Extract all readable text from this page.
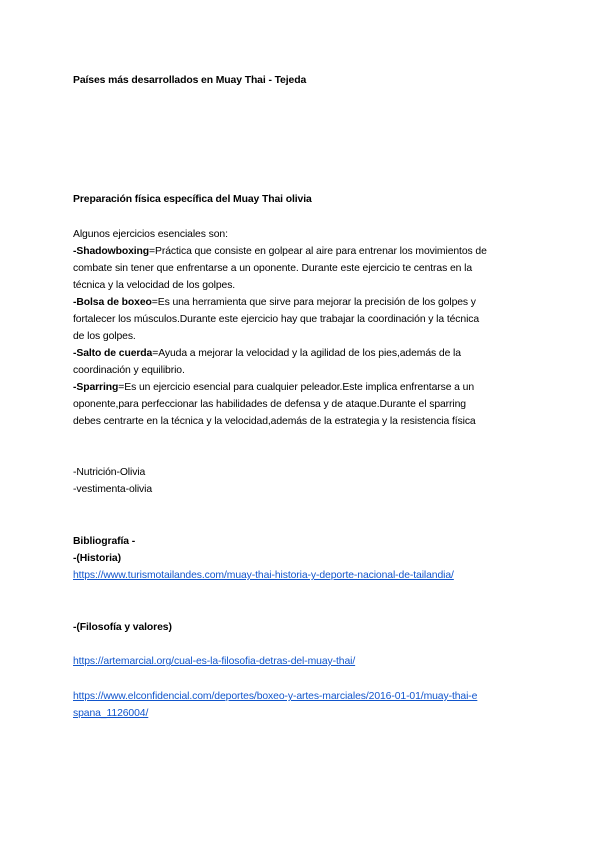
Países más desarrollados en Muay Thai - Tejeda

Preparación física específica del Muay Thai olivia

Algunos ejercicios esenciales son:

-Shadowboxing=Práctica que consiste en golpear al aire para entrenar los movimientos de
combate sin tener que enfrentarse a un oponente. Durante este ejercicio te centras en la
técnica y la velocidad de los golpes.
-Bolsa de boxeo=Es una herramienta que sirve para mejorar la precisión de los golpes y
fortalecer los músculos.Durante este ejercicio hay que trabajar la coordinación y la técnica
de los golpes.
-Salto de cuerda=Ayuda a mejorar la velocidad y la agilidad de los pies,además de la
coordinación y equilibrio.
-Sparring=Es un ejercicio esencial para cualquier peleador.Este implica enfrentarse a un
oponente,para perfeccionar las habilidades de defensa y de ataque.Durante el sparring
debes centrarte en la técnica y la velocidad,además de la estrategia y la resistencia física

-Nutrición-Olivia

-vestimenta-olivia

Bibliografía -

-(Historia)

https://www.turismotailandes.com/muay-thai-historia-y-deporte-nacional-de-tailandia/

-(Filosofía y valores)

https://artemarcial.org/cual-es-la-filosofia-detras-del-muay-thai/

https://www.elconfidencial.com/deportes/boxeo-y-artes-marciales/2016-01-01/muay-thai-e

spana_1126004/
